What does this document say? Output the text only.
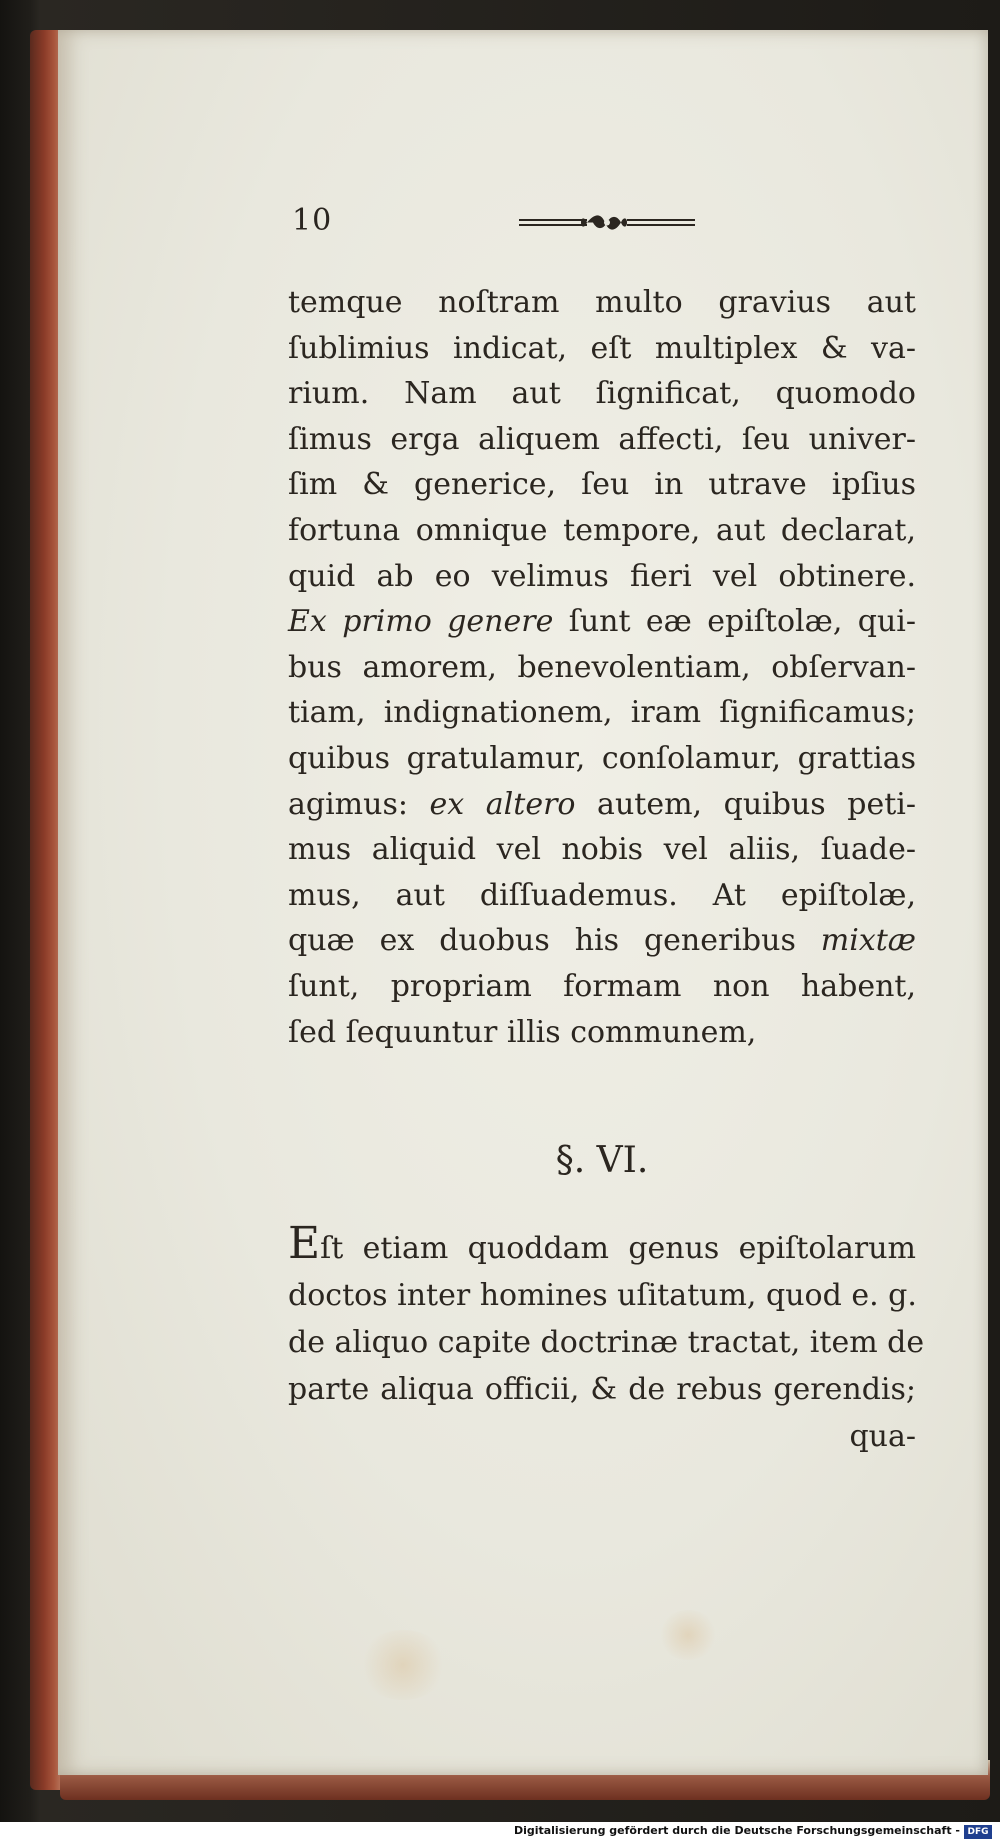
10
temque noſtram multo gravius aut
ſublimius indicat, eſt multiplex & va-
rium. Nam aut ſignificat, quomodo
ſimus erga aliquem affecti, ſeu univer-
ſim & generice, ſeu in utrave ipſius
fortuna omnique tempore, aut declarat,
quid ab eo velimus fieri vel obtinere.
Ex primo genere ſunt eæ epiſtolæ, qui-
bus amorem, benevolentiam, obſervan-
tiam, indignationem, iram ſignificamus;
quibus gratulamur, conſolamur, grattias
agimus: ex altero autem, quibus peti-
mus aliquid vel nobis vel aliis, ſuade-
mus, aut diſſuademus. At epiſtolæ,
quæ ex duobus his generibus mixtæ
ſunt, propriam formam non habent,
ſed ſequuntur illis communem,
§. VI.
Eſt etiam quoddam genus epiſtolarum
doctos inter homines uſitatum, quod e. g.
de aliquo capite doctrinæ tractat, item de
parte aliqua officii, & de rebus gerendis;
qua-
Digitalisierung gefördert durch die Deutsche Forschungsgemeinschaft - DFG
